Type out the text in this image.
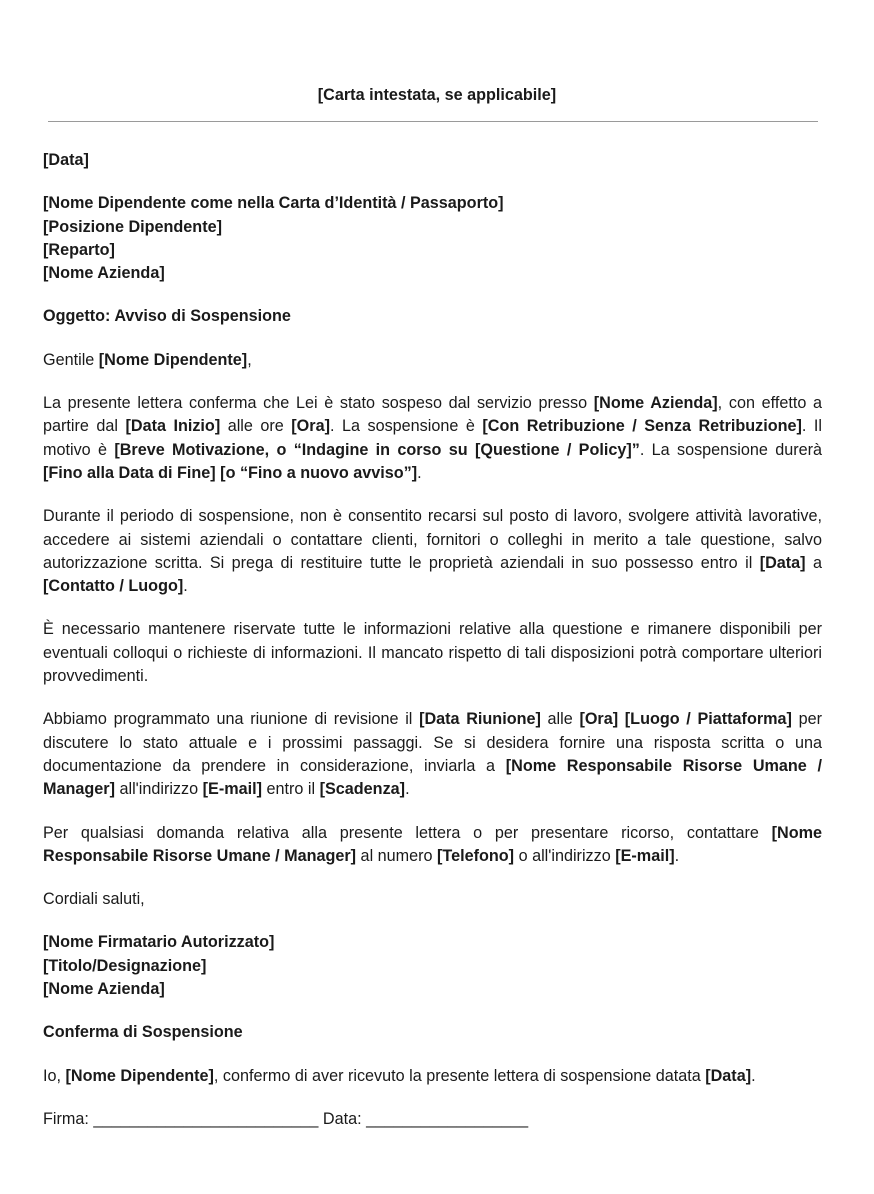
[Carta intestata, se applicabile]

[Data]

[Nome Dipendente come nella Carta d’Identità / Passaporto]
[Posizione Dipendente]
[Reparto]
[Nome Azienda]

Oggetto: Avviso di Sospensione

Gentile [Nome Dipendente],

La presente lettera conferma che Lei è stato sospeso dal servizio presso [Nome Azienda], con effetto a partire dal [Data Inizio] alle ore [Ora]. La sospensione è [Con Retribuzione / Senza Retribuzione]. Il motivo è [Breve Motivazione, o “Indagine in corso su [Questione / Policy]”. La sospensione durerà [Fino alla Data di Fine] [o “Fino a nuovo avviso”].

Durante il periodo di sospensione, non è consentito recarsi sul posto di lavoro, svolgere attività lavorative, accedere ai sistemi aziendali o contattare clienti, fornitori o colleghi in merito a tale questione, salvo autorizzazione scritta. Si prega di restituire tutte le proprietà aziendali in suo possesso entro il [Data] a [Contatto / Luogo].

È necessario mantenere riservate tutte le informazioni relative alla questione e rimanere disponibili per eventuali colloqui o richieste di informazioni. Il mancato rispetto di tali disposizioni potrà comportare ulteriori provvedimenti.

Abbiamo programmato una riunione di revisione il [Data Riunione] alle [Ora] [Luogo / Piattaforma] per discutere lo stato attuale e i prossimi passaggi. Se si desidera fornire una risposta scritta o una documentazione da prendere in considerazione, inviarla a [Nome Responsabile Risorse Umane / Manager] all'indirizzo [E-mail] entro il [Scadenza].

Per qualsiasi domanda relativa alla presente lettera o per presentare ricorso, contattare [Nome Responsabile Risorse Umane / Manager] al numero [Telefono] o all'indirizzo [E-mail].

Cordiali saluti,

[Nome Firmatario Autorizzato]
[Titolo/Designazione]
[Nome Azienda]

Conferma di Sospensione

Io, [Nome Dipendente], confermo di aver ricevuto la presente lettera di sospensione datata [Data].

Firma: _________________________ Data: __________________
